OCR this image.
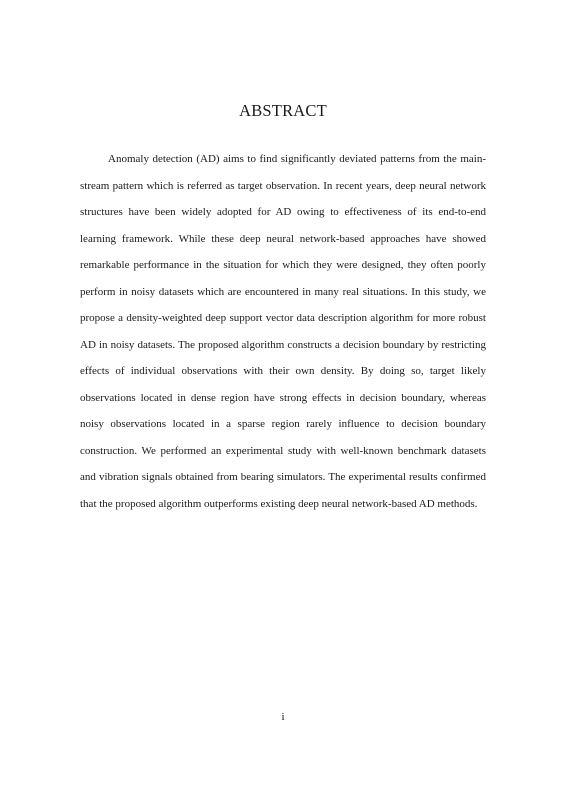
ABSTRACT

Anomaly detection (AD) aims to find significantly deviated patterns from the main-stream pattern which is referred as target observation. In recent years, deep neural network structures have been widely adopted for AD owing to effectiveness of its end-to-end learning framework. While these deep neural network-based approaches have showed remarkable performance in the situation for which they were designed, they often poorly perform in noisy datasets which are encountered in many real situations. In this study, we propose a density-weighted deep support vector data description algorithm for more robust AD in noisy datasets. The proposed algorithm constructs a decision boundary by restricting effects of individual observations with their own density. By doing so, target likely observations located in dense region have strong effects in decision boundary, whereas noisy observations located in a sparse region rarely influence to decision boundary construction. We performed an experimental study with well-known benchmark datasets and vibration signals obtained from bearing simulators. The experimental results confirmed that the proposed algorithm outperforms existing deep neural network-based AD methods.

i
